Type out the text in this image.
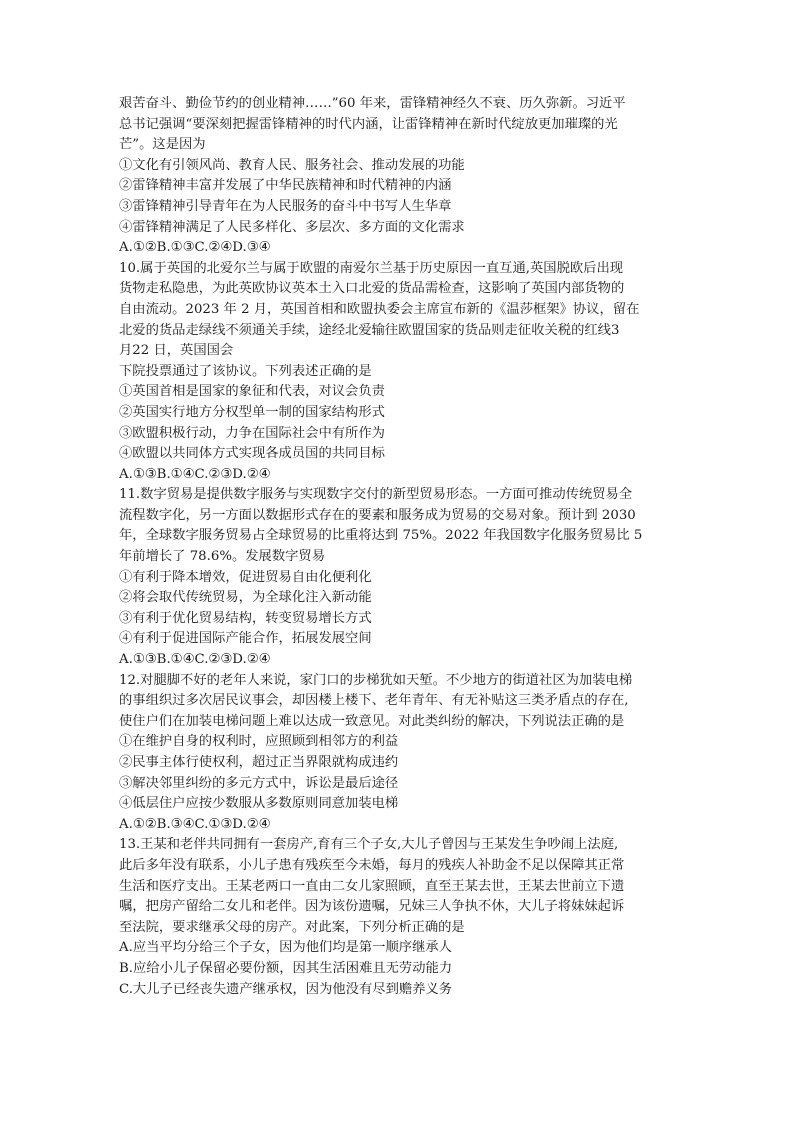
艰苦奋斗、勤俭节约的创业精神……”60 年来，雷锋精神经久不衰、历久弥新。习近平
总书记强调“要深刻把握雷锋精神的时代内涵，让雷锋精神在新时代绽放更加璀璨的光
芒”。这是因为
①文化有引领风尚、教育人民、服务社会、推动发展的功能
②雷锋精神丰富并发展了中华民族精神和时代精神的内涵
③雷锋精神引导青年在为人民服务的奋斗中书写人生华章
④雷锋精神满足了人民多样化、多层次、多方面的文化需求
A.①②B.①③C.②④D.③④
10.属于英国的北爱尔兰与属于欧盟的南爱尔兰基于历史原因一直互通,英国脱欧后出现
货物走私隐患，为此英欧协议英本土入口北爱的货品需检查，这影响了英国内部货物的
自由流动。2023 年 2 月，英国首相和欧盟执委会主席宣布新的《温莎框架》协议，留在
北爱的货品走绿线不须通关手续，途经北爱输往欧盟国家的货品则走征收关税的红线3
月22 日，英国国会
下院投票通过了该协议。下列表述正确的是
①英国首相是国家的象征和代表，对议会负责
②英国实行地方分权型单一制的国家结构形式
③欧盟积极行动，力争在国际社会中有所作为
④欧盟以共同体方式实现各成员国的共同目标
A.①③B.①④C.②③D.②④
11.数字贸易是提供数字服务与实现数字交付的新型贸易形态。一方面可推动传统贸易全
流程数字化，另一方面以数据形式存在的要素和服务成为贸易的交易对象。预计到 2030
年，全球数字服务贸易占全球贸易的比重将达到 75%。2022 年我国数字化服务贸易比 5
年前增长了 78.6%。发展数字贸易
①有利于降本增效，促进贸易自由化便利化
②将会取代传统贸易，为全球化注入新动能
③有利于优化贸易结构，转变贸易增长方式
④有利于促进国际产能合作，拓展发展空间
A.①③B.①④C.②③D.②④
12.对腿脚不好的老年人来说，家门口的步梯犹如天堑。不少地方的街道社区为加装电梯
的事组织过多次居民议事会，却因楼上楼下、老年青年、有无补贴这三类矛盾点的存在,
使住户们在加装电梯问题上难以达成一致意见。对此类纠纷的解决，下列说法正确的是
①在维护自身的权利时，应照顾到相邻方的利益
②民事主体行使权利，超过正当界限就构成违约
③解决邻里纠纷的多元方式中，诉讼是最后途径
④低层住户应按少数服从多数原则同意加装电梯
A.①②B.③④C.①③D.②④
13.王某和老伴共同拥有一套房产,育有三个子女,大儿子曾因与王某发生争吵闹上法庭,
此后多年没有联系，小儿子患有残疾至今未婚，每月的残疾人补助金不足以保障其正常
生活和医疗支出。王某老两口一直由二女儿家照顾，直至王某去世，王某去世前立下遗
嘱，把房产留给二女儿和老伴。因为该份遗嘱，兄妹三人争执不休，大儿子将妹妹起诉
至法院，要求继承父母的房产。对此案，下列分析正确的是
A.应当平均分给三个子女，因为他们均是第一顺序继承人
B.应给小儿子保留必要份额，因其生活困难且无劳动能力
C.大儿子已经丧失遗产继承权，因为他没有尽到赡养义务
